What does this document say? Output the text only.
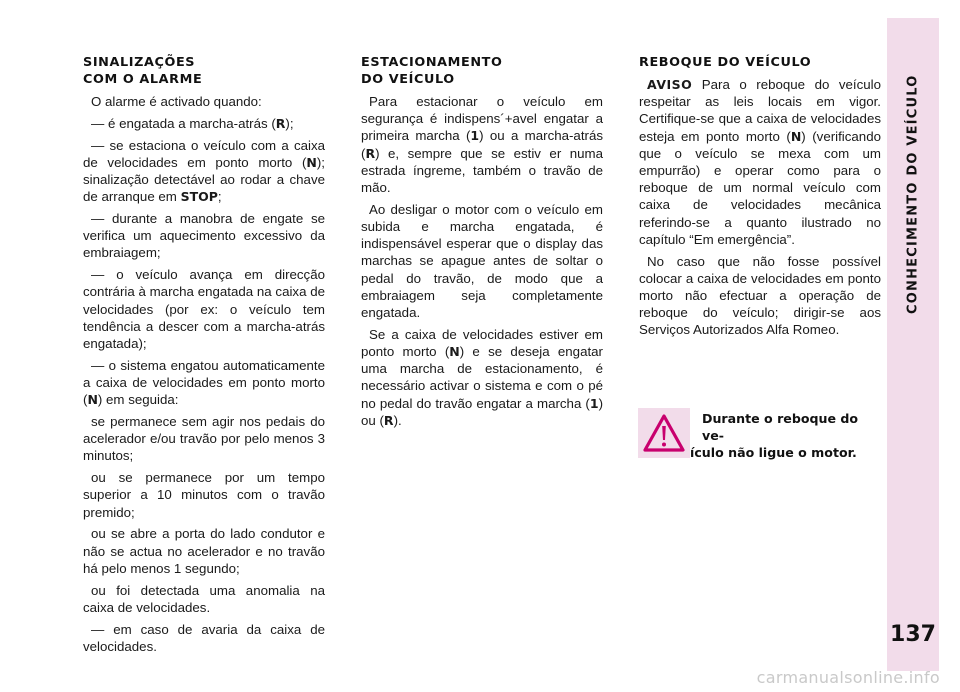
CONHECIMENTO DO VEÍCULO
137
SINALIZAÇÕES
COM O ALARME

O alarme é activado quando:

— é engatada a marcha-atrás (R);

— se estaciona o veículo com a caixa de velocidades em ponto morto (N); sinalização detectável ao rodar a chave de arranque em STOP;

— durante a manobra de engate se verifica um aquecimento excessivo da embraiagem;

— o veículo avança em direcção contrária à marcha engatada na caixa de velocidades (por ex: o veículo tem tendência a descer com a marcha-atrás engatada);

— o sistema engatou automaticamente a caixa de velocidades em ponto morto (N) em seguida:

se permanece sem agir nos pedais do acelerador e/ou travão por pelo menos 3 minutos;

ou se permanece por um tempo superior a 10 minutos com o travão premido;

ou se abre a porta do lado condutor e não se actua no acelerador e no travão há pelo menos 1 segundo;

ou foi detectada uma anomalia na caixa de velocidades.

— em caso de avaria da caixa de velocidades.

ESTACIONAMENTO
DO VEÍCULO

Para estacionar o veículo em segurança é indispens´+avel engatar a primeira marcha (1) ou a marcha-atrás (R) e, sempre que se estiv er numa estrada íngreme, também o travão de mão.

Ao desligar o motor com o veículo em subida e marcha engatada, é indispensável esperar que o display das marchas se apague antes de soltar o pedal do travão, de modo que a embraiagem seja completamente engatada.

Se a caixa de velocidades estiver em ponto morto (N) e se deseja engatar uma marcha de estacionamento, é necessário activar o sistema e com o pé no pedal do travão engatar a marcha (1) ou (R).

REBOQUE DO VEÍCULO

AVISO Para o reboque do veículo respeitar as leis locais em vigor. Certifique-se que a caixa de velocidades esteja em ponto morto (N) (verificando que o veículo se mexa com um empurrão) e operar como para o reboque de um normal veículo com caixa de velocidades mecânica referindo-se a quanto ilustrado no capítulo “Em emergência”.

No caso que não fosse possível colocar a caixa de velocidades em ponto morto não efectuar a operação de reboque do veículo; dirigir-se aos Serviços Autorizados Alfa Romeo.

Durante o reboque do ve-
ículo não ligue o motor.
carmanualsonline.info
